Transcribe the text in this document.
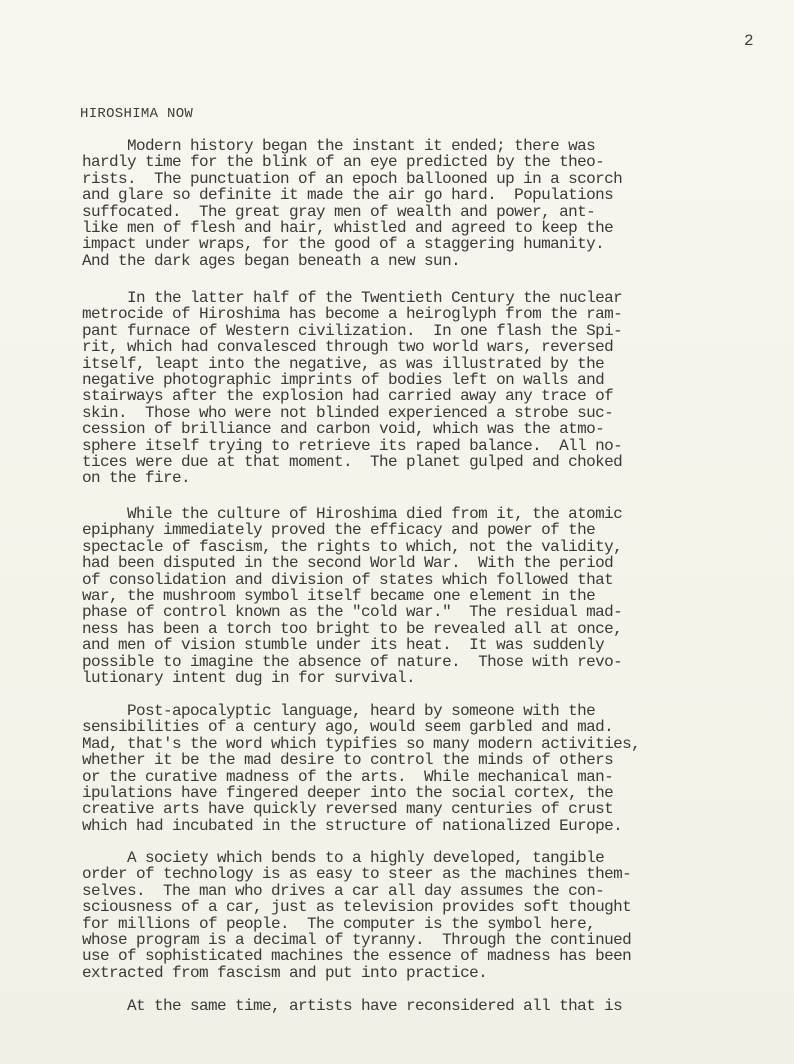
2
HIROSHIMA NOW

Modern history began the instant it ended; there was
hardly time for the blink of an eye predicted by the theo-
rists.  The punctuation of an epoch ballooned up in a scorch
and glare so definite it made the air go hard.  Populations
suffocated.  The great gray men of wealth and power, ant-
like men of flesh and hair, whistled and agreed to keep the
impact under wraps, for the good of a staggering humanity.
And the dark ages began beneath a new sun.

In the latter half of the Twentieth Century the nuclear
metrocide of Hiroshima has become a heiroglyph from the ram-
pant furnace of Western civilization.  In one flash the Spi-
rit, which had convalesced through two world wars, reversed
itself, leapt into the negative, as was illustrated by the
negative photographic imprints of bodies left on walls and
stairways after the explosion had carried away any trace of
skin.  Those who were not blinded experienced a strobe suc-
cession of brilliance and carbon void, which was the atmo-
sphere itself trying to retrieve its raped balance.  All no-
tices were due at that moment.  The planet gulped and choked
on the fire.

While the culture of Hiroshima died from it, the atomic
epiphany immediately proved the efficacy and power of the
spectacle of fascism, the rights to which, not the validity,
had been disputed in the second World War.  With the period
of consolidation and division of states which followed that
war, the mushroom symbol itself became one element in the
phase of control known as the "cold war."  The residual mad-
ness has been a torch too bright to be revealed all at once,
and men of vision stumble under its heat.  It was suddenly
possible to imagine the absence of nature.  Those with revo-
lutionary intent dug in for survival.

Post-apocalyptic language, heard by someone with the
sensibilities of a century ago, would seem garbled and mad.
Mad, that's the word which typifies so many modern activities,
whether it be the mad desire to control the minds of others
or the curative madness of the arts.  While mechanical man-
ipulations have fingered deeper into the social cortex, the
creative arts have quickly reversed many centuries of crust
which had incubated in the structure of nationalized Europe.

A society which bends to a highly developed, tangible
order of technology is as easy to steer as the machines them-
selves.  The man who drives a car all day assumes the con-
sciousness of a car, just as television provides soft thought
for millions of people.  The computer is the symbol here,
whose program is a decimal of tyranny.  Through the continued
use of sophisticated machines the essence of madness has been
extracted from fascism and put into practice.

At the same time, artists have reconsidered all that is
